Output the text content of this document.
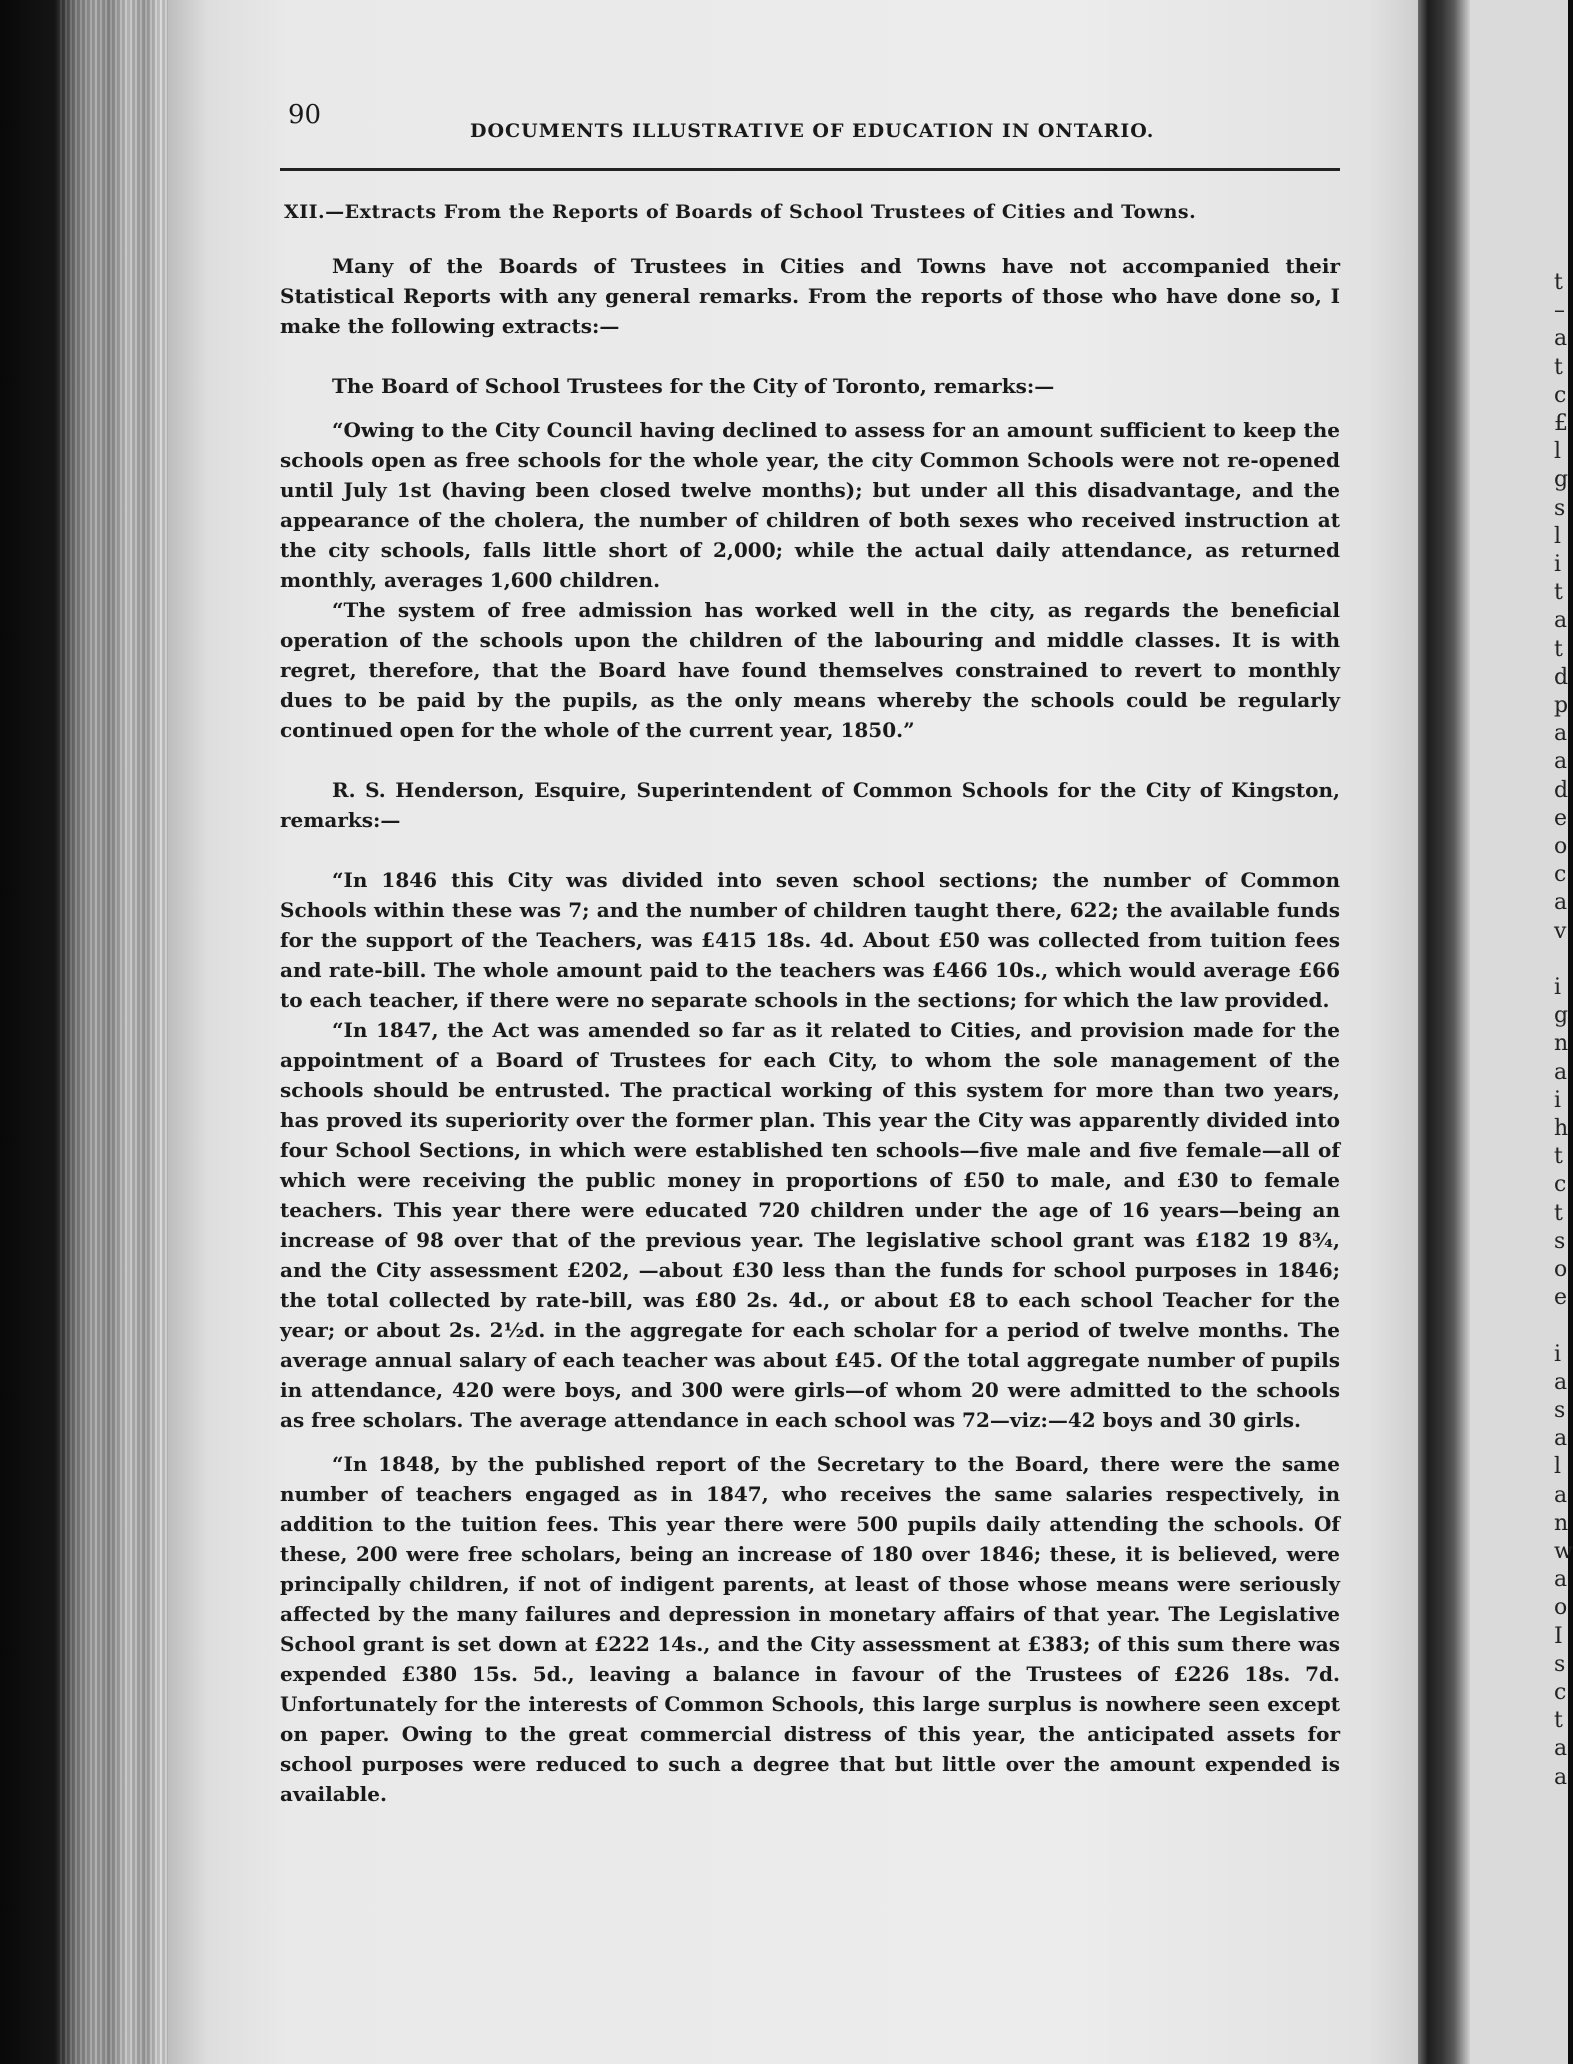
t
–
a
t
c
£
l
g
s
l
i
t
a
t
d
p
a
a
d
e
o
c
a
v
i
g
n
a
i
h
t
c
t
s
o
e
i
a
s
a
l
a
n
w
a
o
I
s
c
t
a
a
90
DOCUMENTS ILLUSTRATIVE OF EDUCATION IN ONTARIO.
XII.—Extracts From the Reports of Boards of School Trustees of Cities and Towns.

Many of the Boards of Trustees in Cities and Towns have not accompanied their Statistical Reports with any general remarks. From the reports of those who have done so, I make the following extracts:—

The Board of School Trustees for the City of Toronto, remarks:—

“Owing to the City Council having declined to assess for an amount sufficient to keep the schools open as free schools for the whole year, the city Common Schools were not re-opened until July 1st (having been closed twelve months); but under all this disadvantage, and the appearance of the cholera, the number of children of both sexes who received instruction at the city schools, falls little short of 2,000; while the actual daily attendance, as returned monthly, averages 1,600 children.

“The system of free admission has worked well in the city, as regards the beneficial operation of the schools upon the children of the labouring and middle classes. It is with regret, therefore, that the Board have found themselves constrained to revert to monthly dues to be paid by the pupils, as the only means whereby the schools could be regularly continued open for the whole of the current year, 1850.”

R. S. Henderson, Esquire, Superintendent of Common Schools for the City of Kingston, remarks:—

“In 1846 this City was divided into seven school sections; the number of Common Schools within these was 7; and the number of children taught there, 622; the available funds for the support of the Teachers, was £415 18s. 4d. About £50 was collected from tuition fees and rate-bill. The whole amount paid to the teachers was £466 10s., which would average £66 to each teacher, if there were no separate schools in the sections; for which the law provided.

“In 1847, the Act was amended so far as it related to Cities, and provision made for the appointment of a Board of Trustees for each City, to whom the sole management of the schools should be entrusted. The practical working of this system for more than two years, has proved its superiority over the former plan. This year the City was apparently divided into four School Sections, in which were established ten schools—five male and five female—all of which were receiving the public money in proportions of £50 to male, and £30 to female teachers. This year there were educated 720 children under the age of 16 years—being an increase of 98 over that of the previous year. The legislative school grant was £182 19 8¾, and the City assessment £202, —about £30 less than the funds for school purposes in 1846; the total collected by rate-bill, was £80 2s. 4d., or about £8 to each school Teacher for the year; or about 2s. 2½d. in the aggregate for each scholar for a period of twelve months. The average annual salary of each teacher was about £45. Of the total aggregate number of pupils in attendance, 420 were boys, and 300 were girls—of whom 20 were admitted to the schools as free scholars. The average attendance in each school was 72—viz:—42 boys and 30 girls.

“In 1848, by the published report of the Secretary to the Board, there were the same number of teachers engaged as in 1847, who receives the same salaries respectively, in addition to the tuition fees. This year there were 500 pupils daily attending the schools. Of these, 200 were free scholars, being an increase of 180 over 1846; these, it is believed, were principally children, if not of indigent parents, at least of those whose means were seriously affected by the many failures and depression in monetary affairs of that year. The Legislative School grant is set down at £222 14s., and the City assessment at £383; of this sum there was expended £380 15s. 5d., leaving a balance in favour of the Trustees of £226 18s. 7d. Unfortunately for the interests of Common Schools, this large surplus is nowhere seen except on paper. Owing to the great commercial distress of this year, the anticipated assets for school purposes were reduced to such a degree that but little over the amount expended is available.
